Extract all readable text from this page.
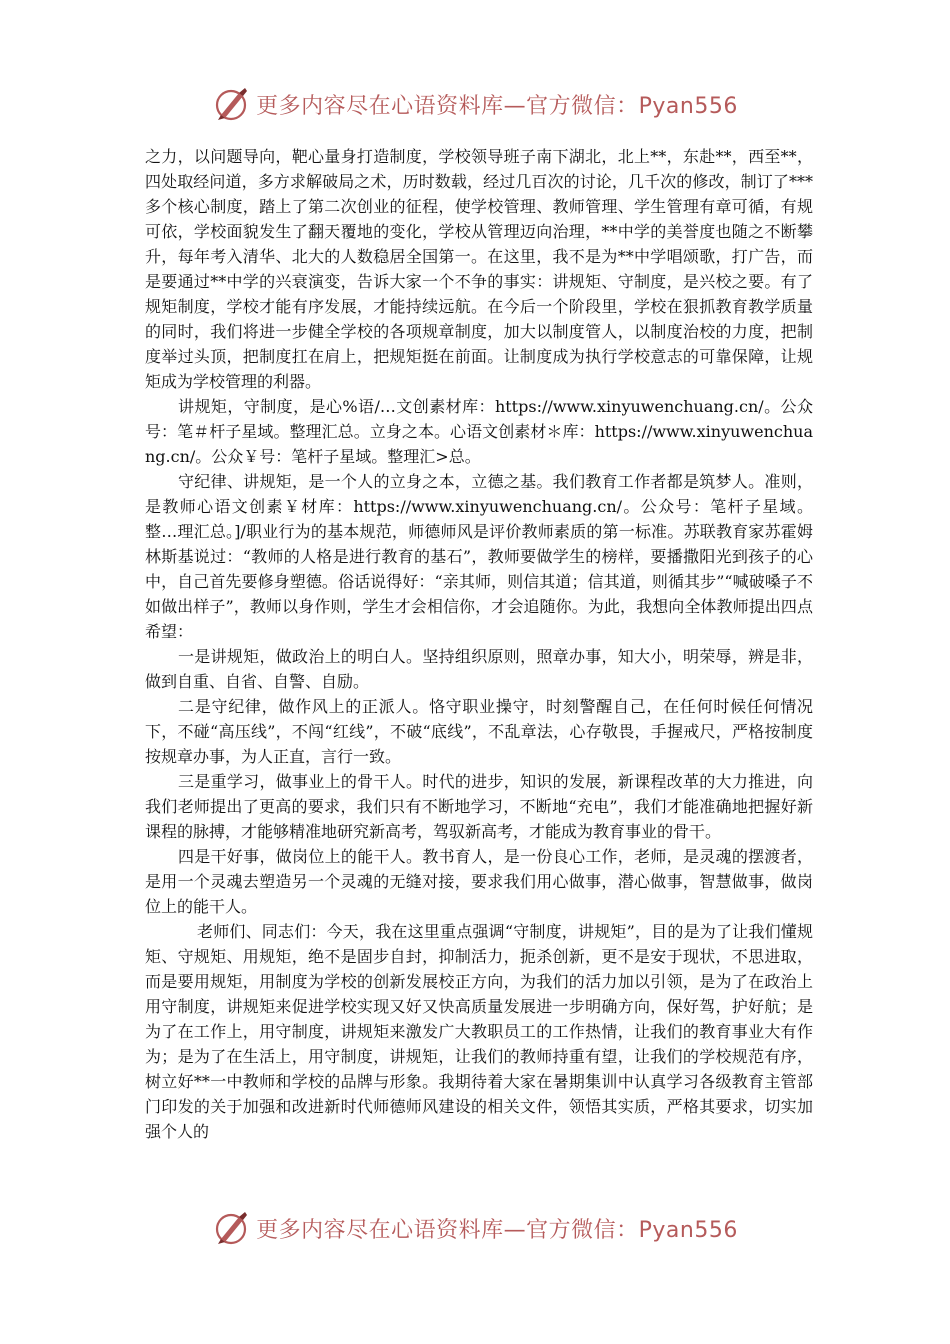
更多内容尽在心语资料库—官方微信：Pyan556

之力，以问题导向，靶心量身打造制度，学校领导班子南下湖北，北上**，东赴**，西至**，四处取经问道，多方求解破局之术，历时数载，经过几百次的讨论，几千次的修改，制订了***多个核心制度，踏上了第二次创业的征程，使学校管理、教师管理、学生管理有章可循，有规可依，学校面貌发生了翻天覆地的变化，学校从管理迈向治理，**中学的美誉度也随之不断攀升，每年考入清华、北大的人数稳居全国第一。在这里，我不是为**中学唱颂歌，打广告，而是要通过**中学的兴衰演变，告诉大家一个不争的事实：讲规矩、守制度，是兴校之要。有了规矩制度，学校才能有序发展，才能持续远航。在今后一个阶段里，学校在狠抓教育教学质量的同时，我们将进一步健全学校的各项规章制度，加大以制度管人，以制度治校的力度，把制度举过头顶，把制度扛在肩上，把规矩挺在前面。让制度成为执行学校意志的可靠保障，让规矩成为学校管理的利器。

讲规矩，守制度，是心%语/…文创素材库：https://www.xinyuwenchuang.cn/。公众号：笔＃杆子星域。整理汇总。立身之本。心语文创素材＊库：https://www.xinyuwenchuang.cn/。公众￥号：笔杆子星域。整理汇>总。

守纪律、讲规矩，是一个人的立身之本，立德之基。我们教育工作者都是筑梦人。准则，是教师心语文创素￥材库：https://www.xinyuwenchuang.cn/。公众号：笔杆子星域。整…理汇总。]/职业行为的基本规范，师德师风是评价教师素质的第一标准。苏联教育家苏霍姆林斯基说过：“教师的人格是进行教育的基石”，教师要做学生的榜样，要播撒阳光到孩子的心中，自己首先要修身塑德。俗话说得好：“亲其师，则信其道；信其道，则循其步”“喊破嗓子不如做出样子”，教师以身作则，学生才会相信你，才会追随你。为此，我想向全体教师提出四点希望：

一是讲规矩，做政治上的明白人。坚持组织原则，照章办事，知大小，明荣辱，辨是非，做到自重、自省、自警、自励。

二是守纪律，做作风上的正派人。恪守职业操守，时刻警醒自己，在任何时候任何情况下，不碰“高压线”，不闯“红线”，不破“底线”，不乱章法，心存敬畏，手握戒尺，严格按制度按规章办事，为人正直，言行一致。

三是重学习，做事业上的骨干人。时代的进步，知识的发展，新课程改革的大力推进，向我们老师提出了更高的要求，我们只有不断地学习，不断地“充电”，我们才能准确地把握好新课程的脉搏，才能够精准地研究新高考，驾驭新高考，才能成为教育事业的骨干。

四是干好事，做岗位上的能干人。教书育人，是一份良心工作，老师，是灵魂的摆渡者，是用一个灵魂去塑造另一个灵魂的无缝对接，要求我们用心做事，潜心做事，智慧做事，做岗位上的能干人。

老师们、同志们：今天，我在这里重点强调“守制度，讲规矩”，目的是为了让我们懂规矩、守规矩、用规矩，绝不是固步自封，抑制活力，扼杀创新，更不是安于现状，不思进取，而是要用规矩，用制度为学校的创新发展校正方向，为我们的活力加以引领，是为了在政治上用守制度，讲规矩来促进学校实现又好又快高质量发展进一步明确方向，保好驾，护好航；是为了在工作上，用守制度，讲规矩来激发广大教职员工的工作热情，让我们的教育事业大有作为；是为了在生活上，用守制度，讲规矩，让我们的教师持重有望，让我们的学校规范有序，树立好**一中教师和学校的品牌与形象。我期待着大家在暑期集训中认真学习各级教育主管部门印发的关于加强和改进新时代师德师风建设的相关文件，领悟其实质，严格其要求，切实加强个人的

更多内容尽在心语资料库—官方微信：Pyan556
